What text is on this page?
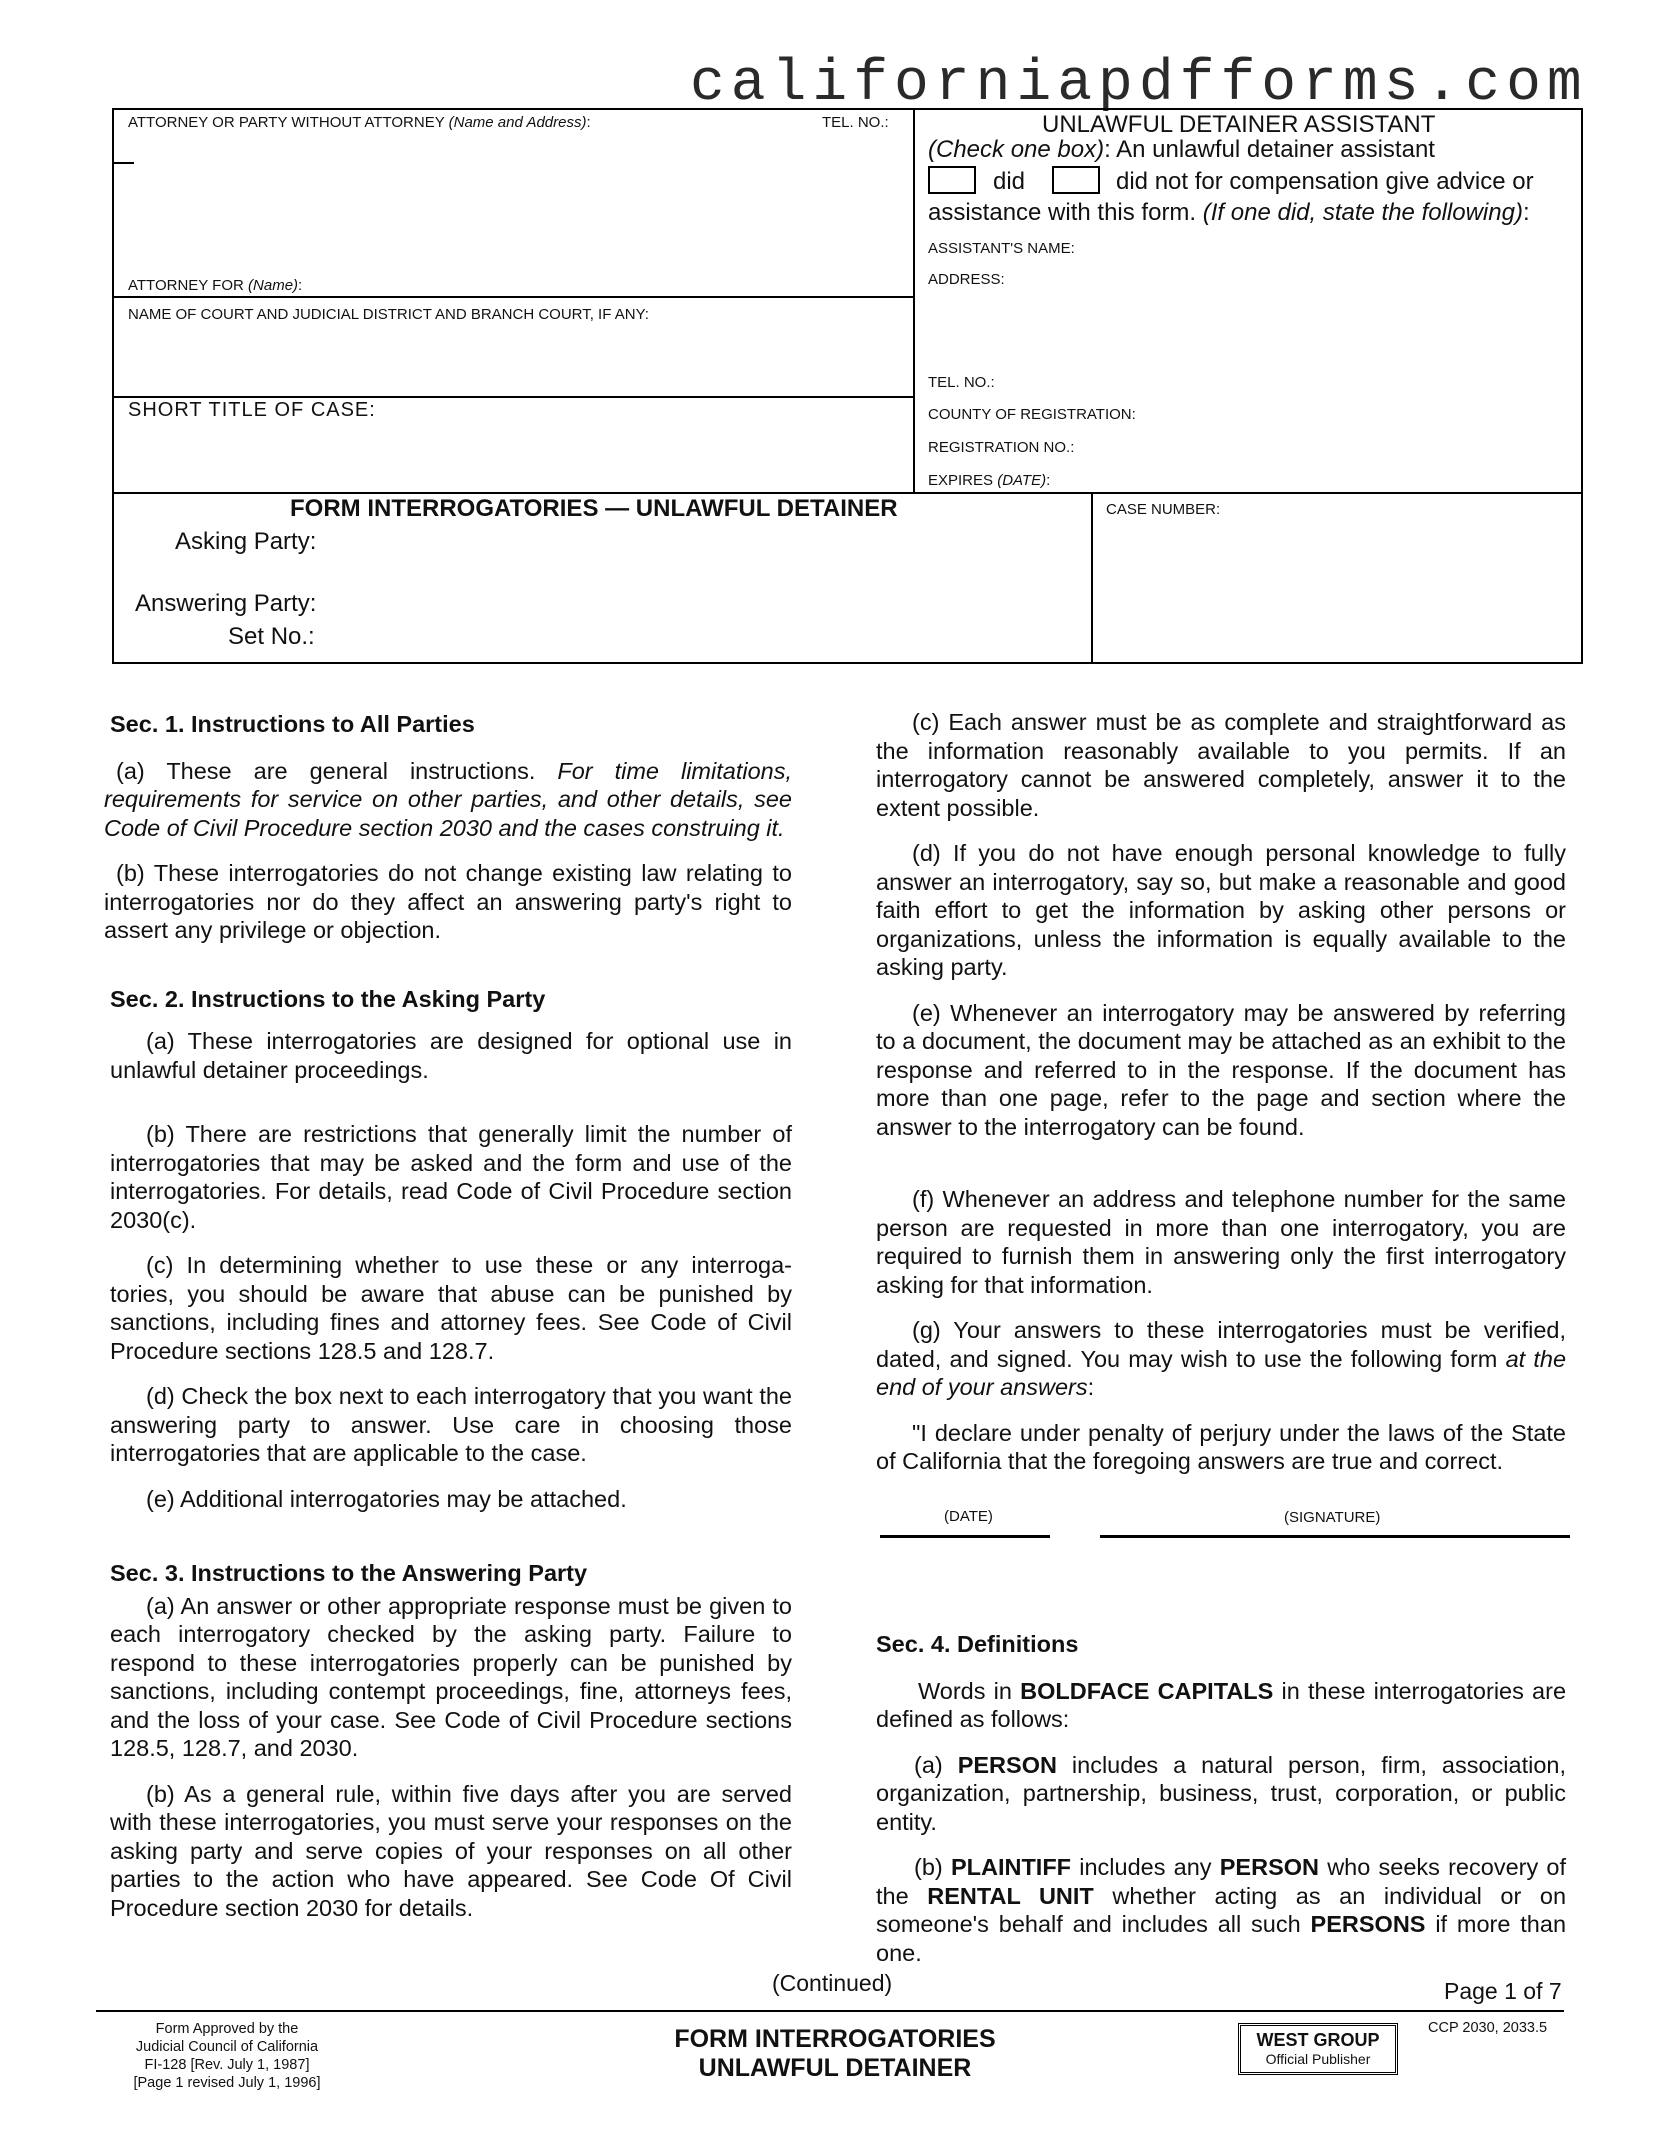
californiapdfforms.com
ATTORNEY OR PARTY WITHOUT ATTORNEY (Name and Address):	TEL. NO.:
ATTORNEY FOR (Name):
NAME OF COURT AND JUDICIAL DISTRICT AND BRANCH COURT, IF ANY:
SHORT TITLE OF CASE:
UNLAWFUL DETAINER ASSISTANT
(Check one box): An unlawful detainer assistant
did	did not for compensation give advice or
assistance with this form. (If one did, state the following):
ASSISTANT'S NAME:
ADDRESS:
TEL. NO.:
COUNTY OF REGISTRATION:
REGISTRATION NO.:
EXPIRES (DATE):
FORM INTERROGATORIES — UNLAWFUL DETAINER
Asking Party:
Answering Party:
Set No.:
CASE NUMBER:
Sec. 1. Instructions to All Parties

(a) These are general instructions. For time limitations, requirements for service on other parties, and other details, see Code of Civil Procedure section 2030 and the cases construing it.

(b) These interrogatories do not change existing law relating to interrogatories nor do they affect an answering party's right to assert any privilege or objection.

Sec. 2. Instructions to the Asking Party

(a) These interrogatories are designed for optional use in unlawful detainer proceedings.

(b) There are restrictions that generally limit the number of interrogatories that may be asked and the form and use of the interrogatories. For details, read Code of Civil Procedure section 2030(c).

(c) In determining whether to use these or any interroga-tories, you should be aware that abuse can be punished by sanctions, including fines and attorney fees. See Code of Civil Procedure sections 128.5 and 128.7.

(d) Check the box next to each interrogatory that you want the answering party to answer. Use care in choosing those interrogatories that are applicable to the case.

(e) Additional interrogatories may be attached.

Sec. 3. Instructions to the Answering Party

(a) An answer or other appropriate response must be given to each interrogatory checked by the asking party. Failure to respond to these interrogatories properly can be punished by sanctions, including contempt proceedings, fine, attorneys fees, and the loss of your case. See Code of Civil Procedure sections 128.5, 128.7, and 2030.

(b) As a general rule, within five days after you are served with these interrogatories, you must serve your responses on the asking party and serve copies of your responses on all other parties to the action who have appeared. See Code Of Civil Procedure section 2030 for details.

(c) Each answer must be as complete and straightforward as the information reasonably available to you permits. If an interrogatory cannot be answered completely, answer it to the extent possible.

(d) If you do not have enough personal knowledge to fully answer an interrogatory, say so, but make a reasonable and good faith effort to get the information by asking other persons or organizations, unless the information is equally available to the asking party.

(e) Whenever an interrogatory may be answered by referring to a document, the document may be attached as an exhibit to the response and referred to in the response. If the document has more than one page, refer to the page and section where the answer to the interrogatory can be found.

(f) Whenever an address and telephone number for the same person are requested in more than one interrogatory, you are required to furnish them in answering only the first interrogatory asking for that information.

(g) Your answers to these interrogatories must be verified, dated, and signed. You may wish to use the following form at the end of your answers:

"I declare under penalty of perjury under the laws of the State of California that the foregoing answers are true and correct.

(DATE)	(SIGNATURE)
Sec. 4. Definitions

Words in BOLDFACE CAPITALS in these interrogatories are defined as follows:

(a) PERSON includes a natural person, firm, association, organization, partnership, business, trust, corporation, or public entity.

(b) PLAINTIFF includes any PERSON who seeks recovery of the RENTAL UNIT whether acting as an individual or on someone's behalf and includes all such PERSONS if more than one.

(Continued)	Page 1 of 7
Form Approved by the
Judicial Council of California
FI-128 [Rev. July 1, 1987]
[Page 1 revised July 1, 1996]
FORM INTERROGATORIES
UNLAWFUL DETAINER
WEST GROUP
Official Publisher
CCP 2030, 2033.5
